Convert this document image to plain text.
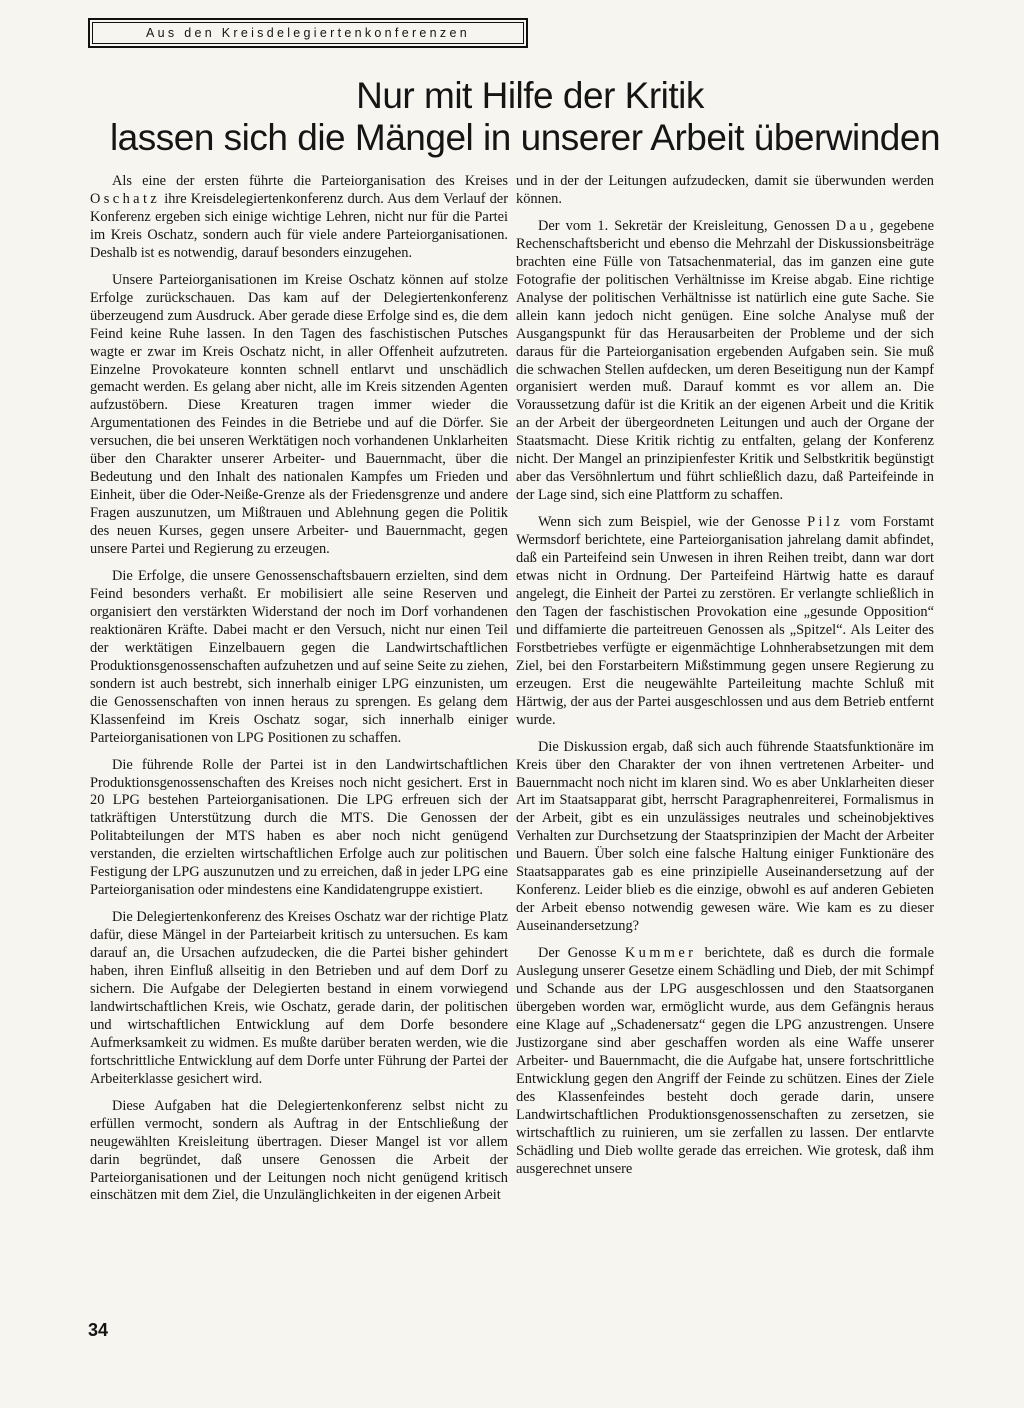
Aus den Kreisdelegiertenkonferenzen
Nur mit Hilfe der Kritik
lassen sich die Mängel in unserer Arbeit überwinden

Als eine der ersten führte die Parteiorganisation des Kreises Oschatz ihre Kreisdelegiertenkonferenz durch. Aus dem Verlauf der Konferenz ergeben sich einige wichtige Lehren, nicht nur für die Partei im Kreis Oschatz, sondern auch für viele andere Parteiorganisationen. Deshalb ist es notwendig, darauf besonders einzugehen.

Unsere Parteiorganisationen im Kreise Oschatz können auf stolze Erfolge zurückschauen. Das kam auf der Delegiertenkonferenz überzeugend zum Ausdruck. Aber gerade diese Erfolge sind es, die dem Feind keine Ruhe lassen. In den Tagen des faschistischen Putsches wagte er zwar im Kreis Oschatz nicht, in aller Offenheit aufzutreten. Einzelne Provokateure konnten schnell entlarvt und unschädlich gemacht werden. Es gelang aber nicht, alle im Kreis sitzenden Agenten aufzustöbern. Diese Kreaturen tragen immer wieder die Argumentationen des Feindes in die Betriebe und auf die Dörfer. Sie versuchen, die bei unseren Werktätigen noch vorhandenen Unklarheiten über den Charakter unserer Arbeiter- und Bauernmacht, über die Bedeutung und den Inhalt des nationalen Kampfes um Frieden und Einheit, über die Oder-Neiße-Grenze als der Friedensgrenze und andere Fragen auszunutzen, um Mißtrauen und Ablehnung gegen die Politik des neuen Kurses, gegen unsere Arbeiter- und Bauernmacht, gegen unsere Partei und Regierung zu erzeugen.

Die Erfolge, die unsere Genossenschaftsbauern erzielten, sind dem Feind besonders verhaßt. Er mobilisiert alle seine Reserven und organisiert den verstärkten Widerstand der noch im Dorf vorhandenen reaktionären Kräfte. Dabei macht er den Versuch, nicht nur einen Teil der werktätigen Einzelbauern gegen die Landwirtschaftlichen Produktionsgenossenschaften aufzuhetzen und auf seine Seite zu ziehen, sondern ist auch bestrebt, sich innerhalb einiger LPG einzunisten, um die Genossenschaften von innen heraus zu sprengen. Es gelang dem Klassenfeind im Kreis Oschatz sogar, sich innerhalb einiger Parteiorganisationen von LPG Positionen zu schaffen.

Die führende Rolle der Partei ist in den Landwirtschaftlichen Produktionsgenossenschaften des Kreises noch nicht gesichert. Erst in 20 LPG bestehen Parteiorganisationen. Die LPG erfreuen sich der tatkräftigen Unterstützung durch die MTS. Die Genossen der Politabteilungen der MTS haben es aber noch nicht genügend verstanden, die erzielten wirtschaftlichen Erfolge auch zur politischen Festigung der LPG auszunutzen und zu erreichen, daß in jeder LPG eine Parteiorganisation oder mindestens eine Kandidatengruppe existiert.

Die Delegiertenkonferenz des Kreises Oschatz war der richtige Platz dafür, diese Mängel in der Parteiarbeit kritisch zu untersuchen. Es kam darauf an, die Ursachen aufzudecken, die die Partei bisher gehindert haben, ihren Einfluß allseitig in den Betrieben und auf dem Dorf zu sichern. Die Aufgabe der Delegierten bestand in einem vorwiegend landwirtschaftlichen Kreis, wie Oschatz, gerade darin, der politischen und wirtschaftlichen Entwicklung auf dem Dorfe besondere Aufmerksamkeit zu widmen. Es mußte darüber beraten werden, wie die fortschrittliche Entwicklung auf dem Dorfe unter Führung der Partei der Arbeiterklasse gesichert wird.

Diese Aufgaben hat die Delegiertenkonferenz selbst nicht zu erfüllen vermocht, sondern als Auftrag in der Entschließung der neugewählten Kreisleitung übertragen. Dieser Mangel ist vor allem darin begründet, daß unsere Genossen die Arbeit der Parteiorganisationen und der Leitungen noch nicht genügend kritisch einschätzen mit dem Ziel, die Unzulänglichkeiten in der eigenen Arbeit

und in der der Leitungen aufzudecken, damit sie überwunden werden können.

Der vom 1. Sekretär der Kreisleitung, Genossen Dau, gegebene Rechenschaftsbericht und ebenso die Mehrzahl der Diskussionsbeiträge brachten eine Fülle von Tatsachenmaterial, das im ganzen eine gute Fotografie der politischen Verhältnisse im Kreise abgab. Eine richtige Analyse der politischen Verhältnisse ist natürlich eine gute Sache. Sie allein kann jedoch nicht genügen. Eine solche Analyse muß der Ausgangspunkt für das Herausarbeiten der Probleme und der sich daraus für die Parteiorganisation ergebenden Aufgaben sein. Sie muß die schwachen Stellen aufdecken, um deren Beseitigung nun der Kampf organisiert werden muß. Darauf kommt es vor allem an. Die Voraussetzung dafür ist die Kritik an der eigenen Arbeit und die Kritik an der Arbeit der übergeordneten Leitungen und auch der Organe der Staatsmacht. Diese Kritik richtig zu entfalten, gelang der Konferenz nicht. Der Mangel an prinzipienfester Kritik und Selbstkritik begünstigt aber das Versöhnlertum und führt schließlich dazu, daß Parteifeinde in der Lage sind, sich eine Plattform zu schaffen.

Wenn sich zum Beispiel, wie der Genosse Pilz vom Forstamt Wermsdorf berichtete, eine Parteiorganisation jahrelang damit abfindet, daß ein Parteifeind sein Unwesen in ihren Reihen treibt, dann war dort etwas nicht in Ordnung. Der Parteifeind Härtwig hatte es darauf angelegt, die Einheit der Partei zu zerstören. Er verlangte schließlich in den Tagen der faschistischen Provokation eine „gesunde Opposition“ und diffamierte die parteitreuen Genossen als „Spitzel“. Als Leiter des Forstbetriebes verfügte er eigenmächtige Lohnherabsetzungen mit dem Ziel, bei den Forstarbeitern Mißstimmung gegen unsere Regierung zu erzeugen. Erst die neugewählte Parteileitung machte Schluß mit Härtwig, der aus der Partei ausgeschlossen und aus dem Betrieb entfernt wurde.

Die Diskussion ergab, daß sich auch führende Staatsfunktionäre im Kreis über den Charakter der von ihnen vertretenen Arbeiter- und Bauernmacht noch nicht im klaren sind. Wo es aber Unklarheiten dieser Art im Staatsapparat gibt, herrscht Paragraphenreiterei, Formalismus in der Arbeit, gibt es ein unzulässiges neutrales und scheinobjektives Verhalten zur Durchsetzung der Staatsprinzipien der Macht der Arbeiter und Bauern. Über solch eine falsche Haltung einiger Funktionäre des Staatsapparates gab es eine prinzipielle Auseinandersetzung auf der Konferenz. Leider blieb es die einzige, obwohl es auf anderen Gebieten der Arbeit ebenso notwendig gewesen wäre. Wie kam es zu dieser Auseinandersetzung?

Der Genosse Kummer berichtete, daß es durch die formale Auslegung unserer Gesetze einem Schädling und Dieb, der mit Schimpf und Schande aus der LPG ausgeschlossen und den Staatsorganen übergeben worden war, ermöglicht wurde, aus dem Gefängnis heraus eine Klage auf „Schadenersatz“ gegen die LPG anzustrengen. Unsere Justizorgane sind aber geschaffen worden als eine Waffe unserer Arbeiter- und Bauernmacht, die die Aufgabe hat, unsere fortschrittliche Entwicklung gegen den Angriff der Feinde zu schützen. Eines der Ziele des Klassenfeindes besteht doch gerade darin, unsere Landwirtschaftlichen Produktionsgenossenschaften zu zersetzen, sie wirtschaftlich zu ruinieren, um sie zerfallen zu lassen. Der entlarvte Schädling und Dieb wollte gerade das erreichen. Wie grotesk, daß ihm ausgerechnet unsere

34
